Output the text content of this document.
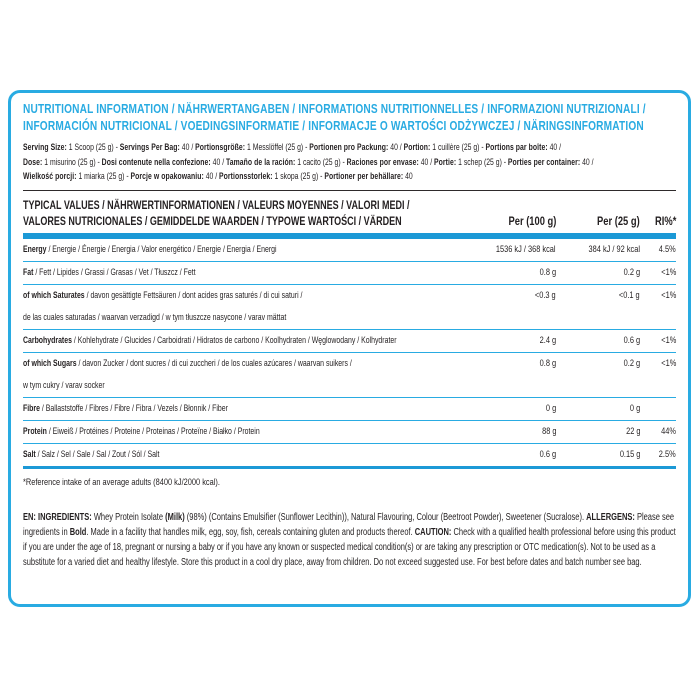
NUTRITIONAL INFORMATION / NÄHRWERTANGABEN / INFORMATIONS NUTRITIONNELLES / INFORMAZIONI NUTRIZIONALI /
INFORMACIÓN NUTRICIONAL / VOEDINGSINFORMATIE / INFORMACJE O WARTOŚCI ODŻYWCZEJ / NÄRINGSINFORMATION
Serving Size: 1 Scoop (25 g) - Servings Per Bag: 40 / Portionsgröße: 1 Messlöffel (25 g) - Portionen pro Packung: 40 / Portion: 1 cuillère (25 g) - Portions par boîte: 40 /
Dose: 1 misurino (25 g) - Dosi contenute nella confezione: 40 / Tamaño de la ración: 1 cacito (25 g) - Raciones por envase: 40 / Portie: 1 schep (25 g) - Porties per container: 40 /
Wielkość porcji: 1 miarka (25 g) - Porcje w opakowaniu: 40 / Portionsstorlek: 1 skopa (25 g) - Portioner per behällare: 40
TYPICAL VALUES / NÄHRWERTINFORMATIONEN / VALEURS MOYENNES / VALORI MEDI /
VALORES NUTRICIONALES / GEMIDDELDE WAARDEN / TYPOWE WARTOŚCI / VÄRDEN	Per (100 g)	Per (25 g)	RI%*
Energy / Energie / Énergie / Energia / Valor energético / Energie / Energia / Energi	1536 kJ / 368 kcal	384 kJ / 92 kcal	4.5%
Fat / Fett / Lipides / Grassi / Grasas / Vet / Tłuszcz / Fett	0.8 g	0.2 g	<1%
of which Saturates / davon gesättigte Fettsäuren / dont acides gras saturés / di cui saturi /
de las cuales saturadas / waarvan verzadigd / w tym tłuszcze nasycone / varav mättat
<0.3 g	<0.1 g	<1%
Carbohydrates / Kohlehydrate / Glucides / Carboidrati / Hidratos de carbono / Koolhydraten / Węglowodany / Kolhydrater	2.4 g	0.6 g	<1%
of which Sugars / davon Zucker / dont sucres / di cui zuccheri / de los cuales azúcares / waarvan suikers /
w tym cukry / varav socker
0.8 g	0.2 g	<1%
Fibre / Ballaststoffe / Fibres / Fibre / Fibra / Vezels / Błonnik / Fiber	0 g	0 g
Protein / Eiweiß / Protéines / Proteine / Proteinas / Proteïne / Białko / Protein	88 g	22 g	44%
Salt / Salz / Sel / Sale / Sal / Zout / Sól / Salt	0.6 g	0.15 g	2.5%
*Reference intake of an average adults (8400 kJ/2000 kcal).
EN: INGREDIENTS: Whey Protein Isolate (Milk) (98%) (Contains Emulsifier (Sunflower Lecithin)), Natural Flavouring, Colour (Beetroot Powder), Sweetener (Sucralose). ALLERGENS: Please see ingredients in Bold. Made in a facility that handles milk, egg, soy, fish, cereals containing gluten and products thereof. CAUTION: Check with a qualified health professional before using this product if you are under the age of 18, pregnant or nursing a baby or if you have any known or suspected medical condition(s) or are taking any prescription or OTC medication(s). Not to be used as a substitute for a varied diet and healthy lifestyle. Store this product in a cool dry place, away from children. Do not exceed suggested use. For best before dates and batch number see bag.
